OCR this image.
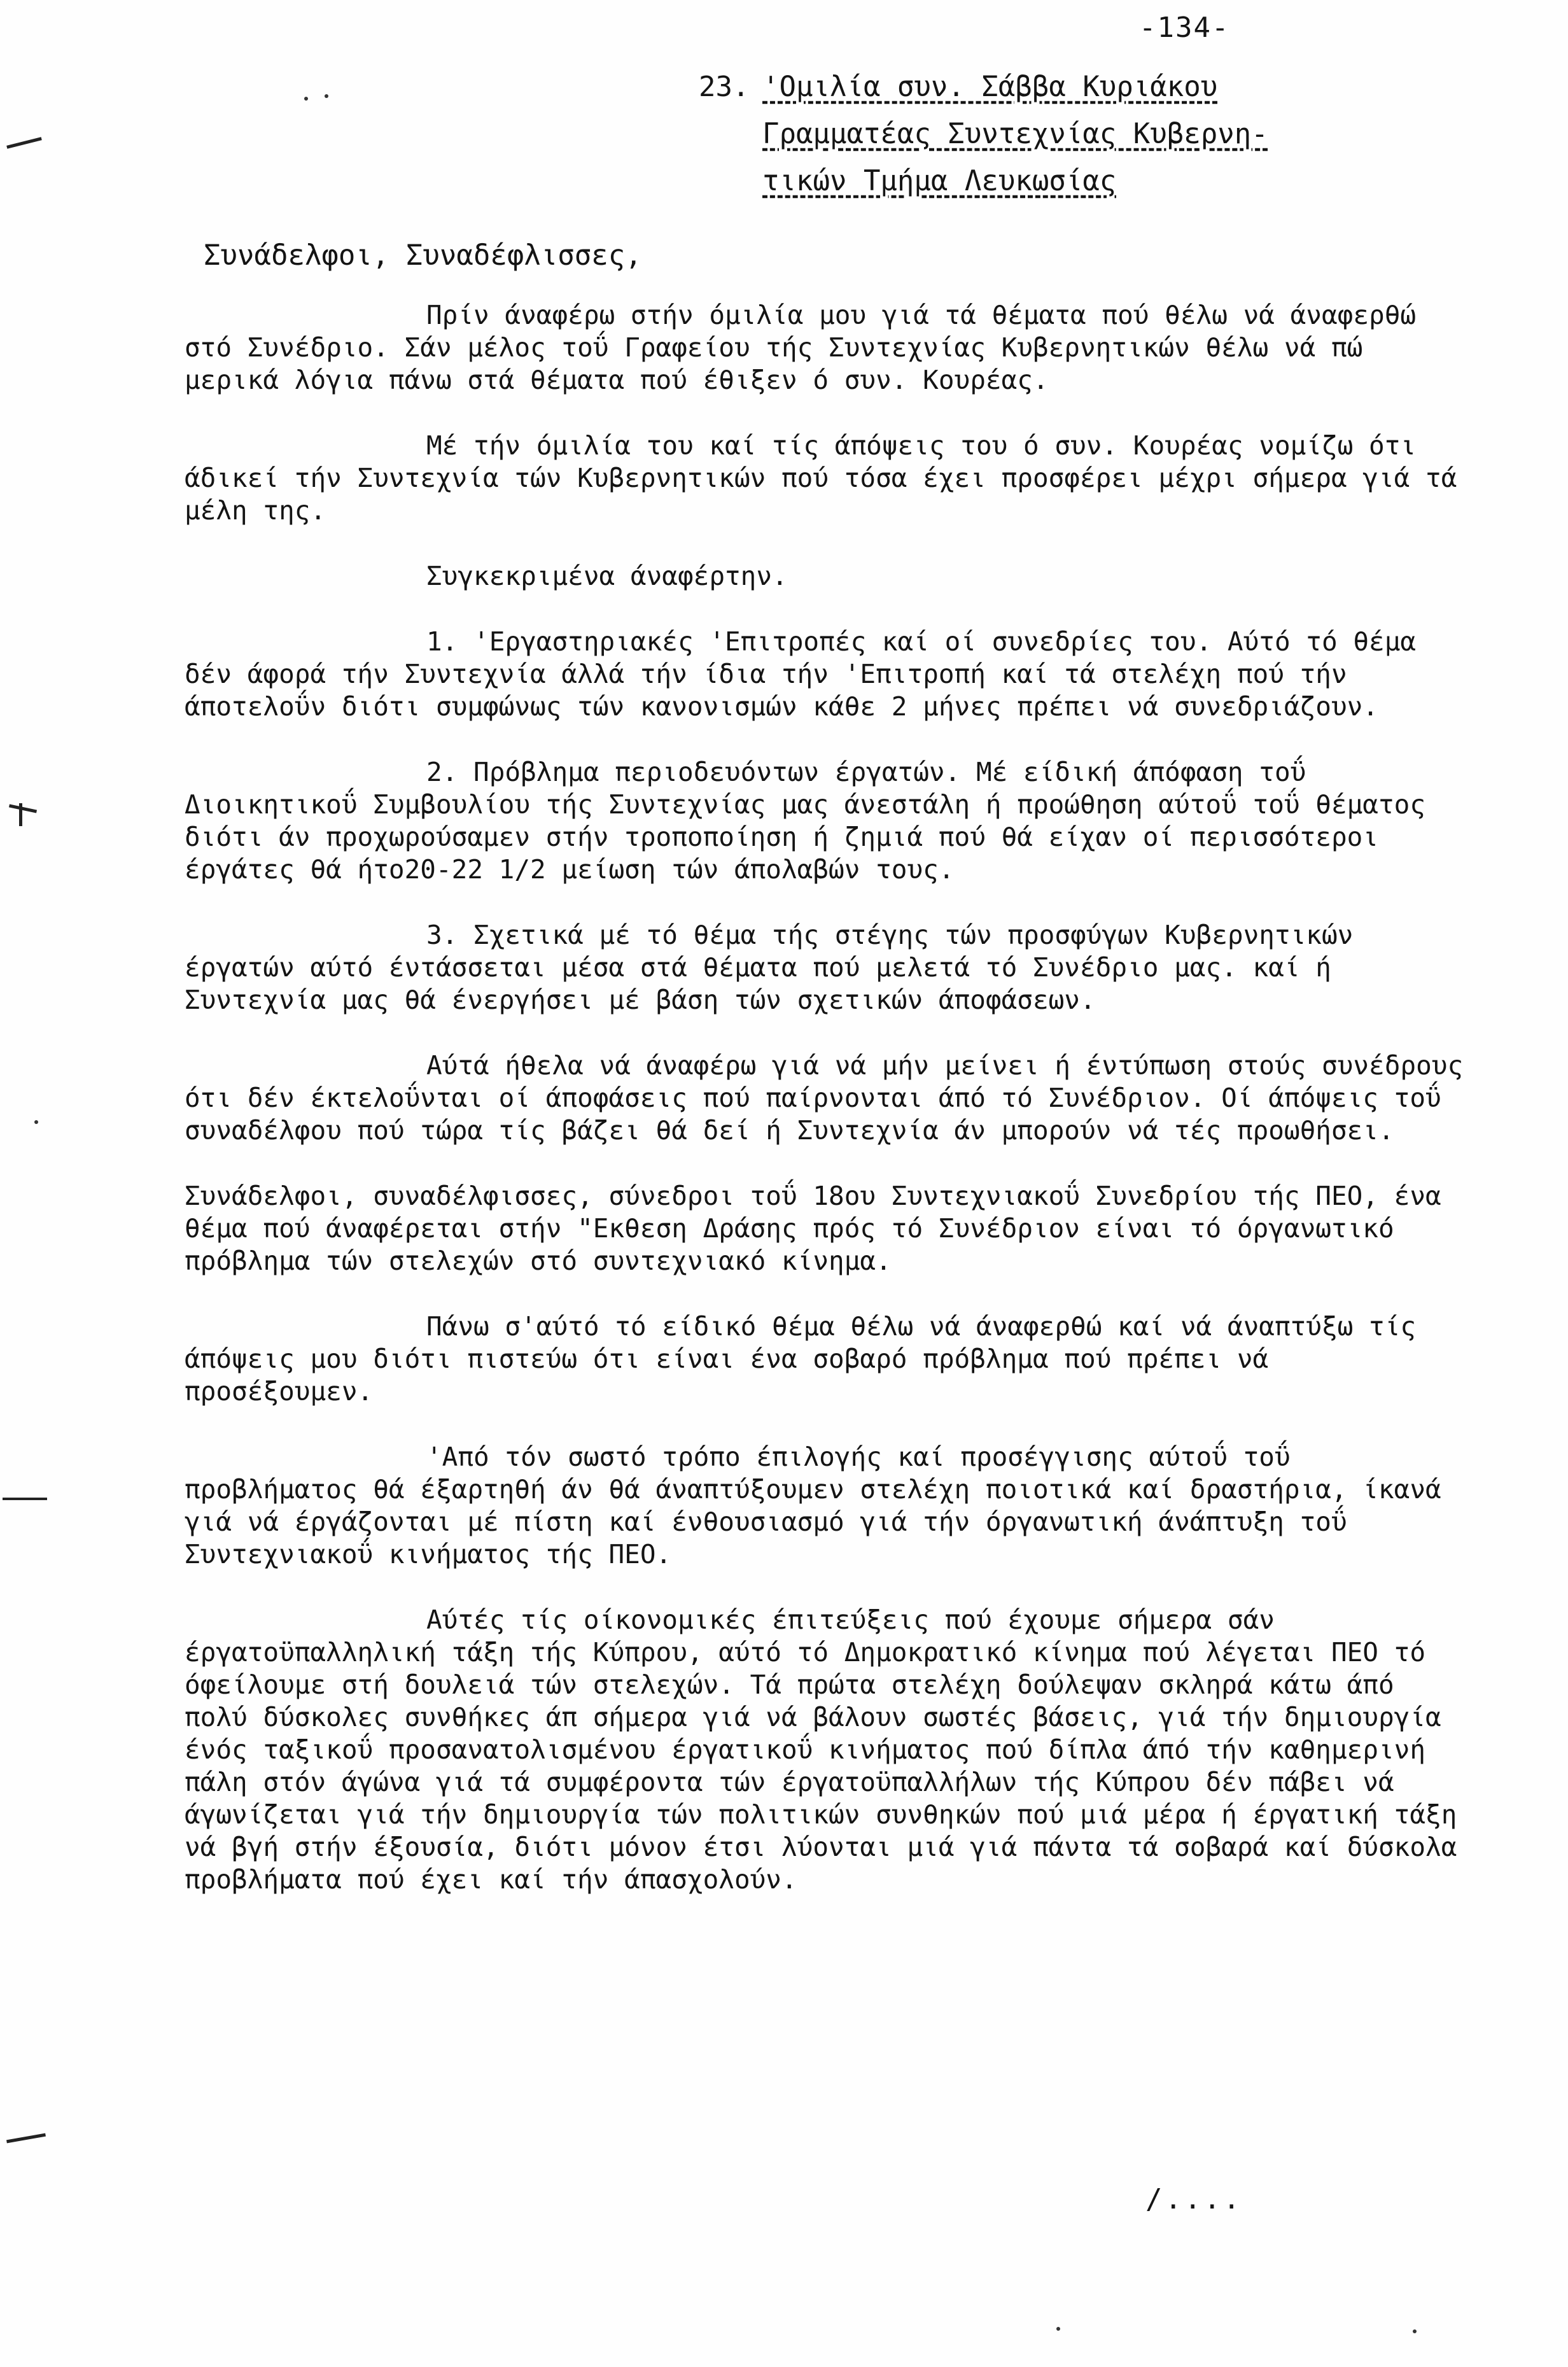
-134-
23. 'Ομιλία συν. Σάββα Κυριάκου
Γραμματέας Συντεχνίας Κυβερνη-
τικών Τμήμα Λευκωσίας
Συνάδελφοι, Συναδέφλισσες,

Πρίν άναφέρω στήν όμιλία μου γιά τά θέματα πού θέλω νά άναφερθώ στό Συνέδριο. Σάν μέλος τοΰ Γραφείου τής Συντεχνίας Κυβερνητικών θέλω νά πώ μερικά λόγια πάνω στά θέματα πού έθιξεν ό συν. Κουρέας.

Μέ τήν όμιλία του καί τίς άπόψεις του ό συν. Κουρέας νομίζω ότι άδικεί τήν Συντεχνία τών Κυβερνητικών πού τόσα έχει προσφέρει μέχρι σήμερα γιά τά μέλη της.

Συγκεκριμένα άναφέρτην.

1. 'Εργαστηριακές 'Επιτροπές καί οί συνεδρίες του. Αύτό τό θέμα δέν άφορά τήν Συντεχνία άλλά τήν ίδια τήν 'Επιτροπή καί τά στελέχη πού τήν άποτελοΰν διότι συμφώνως τών κανονισμών κάθε 2 μήνες πρέπει νά συνεδριάζουν.

2. Πρόβλημα περιοδευόντων έργατών. Μέ είδική άπόφαση τοΰ Διοικητικοΰ Συμβουλίου τής Συντεχνίας μας άνεστάλη ή προώθηση αύτοΰ τοΰ θέματος διότι άν προχωρούσαμεν στήν τροποποίηση ή ζημιά πού θά είχαν οί περισσότεροι έργάτες θά ήτο20-22 1/2 μείωση τών άπολαβών τους.

3. Σχετικά μέ τό θέμα τής στέγης τών προσφύγων Κυβερνητικών έργατών αύτό έντάσσεται μέσα στά θέματα πού μελετά τό Συνέδριο μας. καί ή Συντεχνία μας θά ένεργήσει μέ βάση τών σχετικών άποφάσεων.

Αύτά ήθελα νά άναφέρω γιά νά μήν μείνει ή έντύπωση στούς συνέδρους ότι δέν έκτελοΰνται οί άποφάσεις πού παίρνονται άπό τό Συνέδριον. Οί άπόψεις τοΰ συναδέλφου πού τώρα τίς βάζει θά δεί ή Συντεχνία άν μπορούν νά τές προωθήσει.

Συνάδελφοι, συναδέλφισσες, σύνεδροι τοΰ 18ου Συντεχνιακοΰ Συνεδρίου τής ΠΕΟ, ένα θέμα πού άναφέρεται στήν "Εκθεση Δράσης πρός τό Συνέδριον είναι τό όργανωτικό πρόβλημα τών στελεχών στό συντεχνιακό κίνημα.

Πάνω σ'αύτό τό είδικό θέμα θέλω νά άναφερθώ καί νά άναπτύξω τίς άπόψεις μου διότι πιστεύω ότι είναι ένα σοβαρό πρόβλημα πού πρέπει νά προσέξουμεν.

'Από τόν σωστό τρόπο έπιλογής καί προσέγγισης αύτοΰ τοΰ προβλήματος θά έξαρτηθή άν θά άναπτύξουμεν στελέχη ποιοτικά καί δραστήρια, ίκανά γιά νά έργάζονται μέ πίστη καί ένθουσιασμό γιά τήν όργανωτική άνάπτυξη τοΰ Συντεχνιακοΰ κινήματος τής ΠΕΟ.

Αύτές τίς οίκονομικές έπιτεύξεις πού έχουμε σήμερα σάν έργατοϋπαλληλική τάξη τής Κύπρου, αύτό τό Δημοκρατικό κίνημα πού λέγεται ΠΕΟ τό όφείλουμε στή δουλειά τών στελεχών. Τά πρώτα στελέχη δούλεψαν σκληρά κάτω άπό πολύ δύσκολες συνθήκες άπ σήμερα γιά νά βάλουν σωστές βάσεις, γιά τήν δημιουργία ένός ταξικοΰ προσανατολισμένου έργατικοΰ κινήματος πού δίπλα άπό τήν καθημερινή πάλη στόν άγώνα γιά τά συμφέροντα τών έργατοϋπαλλήλων τής Κύπρου δέν πάβει νά άγωνίζεται γιά τήν δημιουργία τών πολιτικών συνθηκών πού μιά μέρα ή έργατική τάξη νά βγή στήν έξουσία, διότι μόνον έτσι λύονται μιά γιά πάντα τά σοβαρά καί δύσκολα προβλήματα πού έχει καί τήν άπασχολούν.

/....
